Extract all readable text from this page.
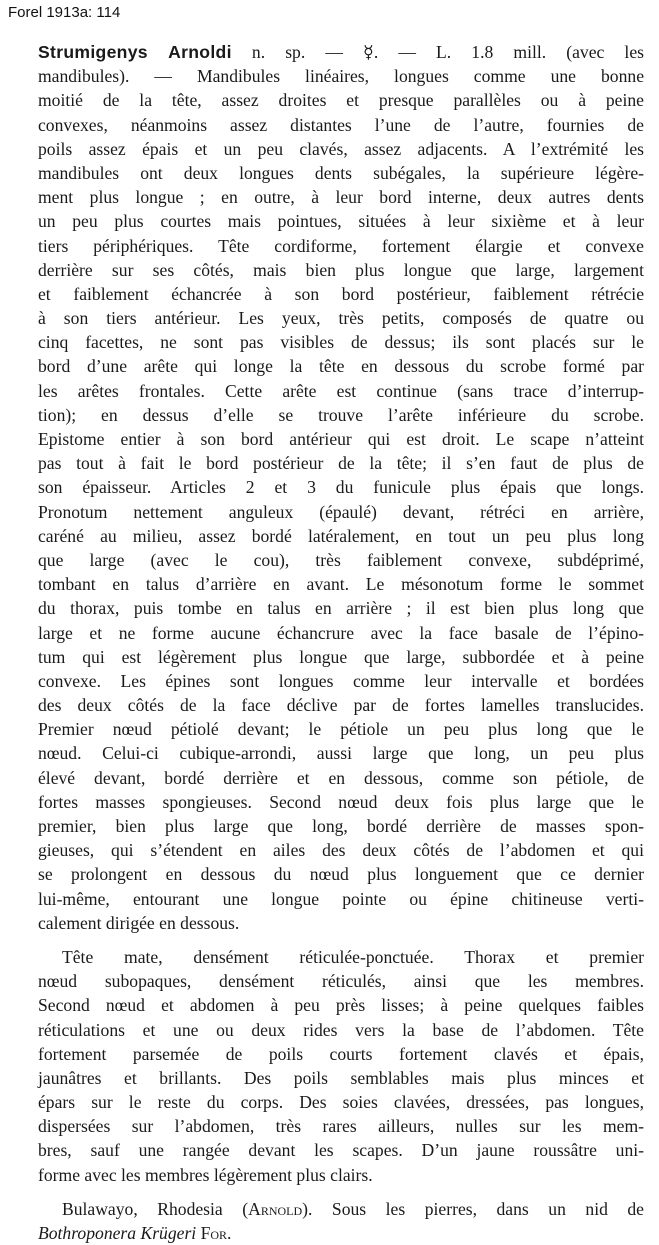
Forel 1913a: 114
Strumigenys Arnoldi n. sp. — ☿. — L. 1.8 mill. (avec les
mandibules). — Mandibules linéaires, longues comme une bonne
moitié de la tête, assez droites et presque parallèles ou à peine
convexes, néanmoins assez distantes l’une de l’autre, fournies de
poils assez épais et un peu clavés, assez adjacents. A l’extrémité les
mandibules ont deux longues dents subégales, la supérieure légère-
ment plus longue ; en outre, à leur bord interne, deux autres dents
un peu plus courtes mais pointues, situées à leur sixième et à leur
tiers périphériques. Tête cordiforme, fortement élargie et convexe
derrière sur ses côtés, mais bien plus longue que large, largement
et faiblement échancrée à son bord postérieur, faiblement rétrécie
à son tiers antérieur. Les yeux, très petits, composés de quatre ou
cinq facettes, ne sont pas visibles de dessus; ils sont placés sur le
bord d’une arête qui longe la tête en dessous du scrobe formé par
les arêtes frontales. Cette arête est continue (sans trace d’interrup-
tion); en dessus d’elle se trouve l’arête inférieure du scrobe.
Epistome entier à son bord antérieur qui est droit. Le scape n’atteint
pas tout à fait le bord postérieur de la tête; il s’en faut de plus de
son épaisseur. Articles 2 et 3 du funicule plus épais que longs.
Pronotum nettement anguleux (épaulé) devant, rétréci en arrière,
caréné au milieu, assez bordé latéralement, en tout un peu plus long
que large (avec le cou), très faiblement convexe, subdéprimé,
tombant en talus d’arrière en avant. Le mésonotum forme le sommet
du thorax, puis tombe en talus en arrière ; il est bien plus long que
large et ne forme aucune échancrure avec la face basale de l’épino-
tum qui est légèrement plus longue que large, subbordée et à peine
convexe. Les épines sont longues comme leur intervalle et bordées
des deux côtés de la face déclive par de fortes lamelles translucides.
Premier nœud pétiolé devant; le pétiole un peu plus long que le
nœud. Celui-ci cubique-arrondi, aussi large que long, un peu plus
élevé devant, bordé derrière et en dessous, comme son pétiole, de
fortes masses spongieuses. Second nœud deux fois plus large que le
premier, bien plus large que long, bordé derrière de masses spon-
gieuses, qui s’étendent en ailes des deux côtés de l’abdomen et qui
se prolongent en dessous du nœud plus longuement que ce dernier
lui-même, entourant une longue pointe ou épine chitineuse verti-
calement dirigée en dessous.
Tête mate, densément réticulée-ponctuée. Thorax et premier
nœud subopaques, densément réticulés, ainsi que les membres.
Second nœud et abdomen à peu près lisses; à peine quelques faibles
réticulations et une ou deux rides vers la base de l’abdomen. Tête
fortement parsemée de poils courts fortement clavés et épais,
jaunâtres et brillants. Des poils semblables mais plus minces et
épars sur le reste du corps. Des soies clavées, dressées, pas longues,
dispersées sur l’abdomen, très rares ailleurs, nulles sur les mem-
bres, sauf une rangée devant les scapes. D’un jaune roussâtre uni-
forme avec les membres légèrement plus clairs.
Bulawayo, Rhodesia (Arnold). Sous les pierres, dans un nid de
Bothroponera Krügeri For.
